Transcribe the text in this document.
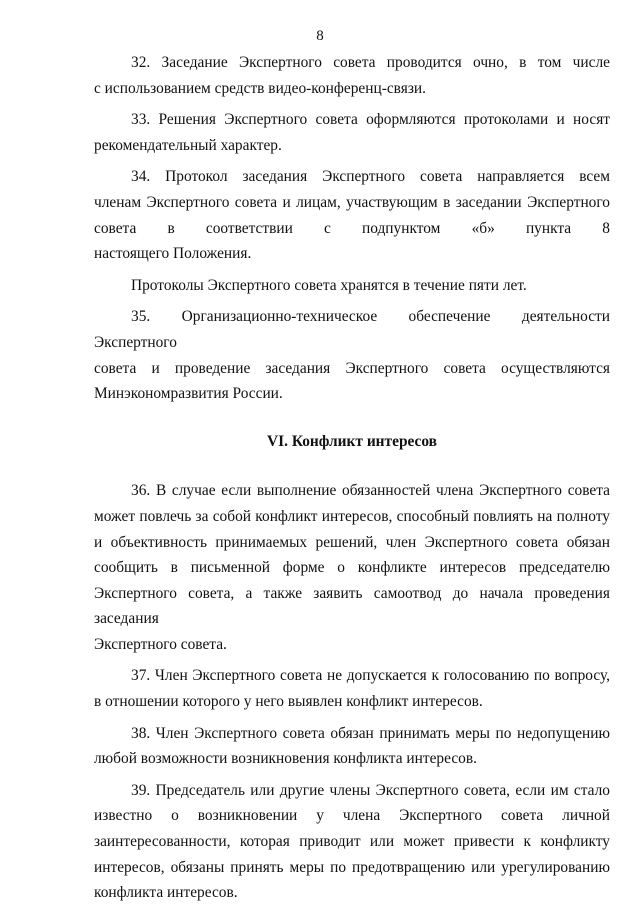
8
32. Заседание Экспертного совета проводится очно, в том числе
с использованием средств видео-конференц-связи.
33. Решения Экспертного совета оформляются протоколами и носят
рекомендательный характер.
34. Протокол заседания Экспертного совета направляется всем
членам Экспертного совета и лицам, участвующим в заседании Экспертного
совета в соответствии с подпунктом «б» пункта 8
настоящего Положения.
Протоколы Экспертного совета хранятся в течение пяти лет.
35. Организационно-техническое обеспечение деятельности Экспертного
совета и проведение заседания Экспертного совета осуществляются
Минэкономразвития России.
VI. Конфликт интересов
36. В случае если выполнение обязанностей члена Экспертного совета
может повлечь за собой конфликт интересов, способный повлиять на полноту
и объективность принимаемых решений, член Экспертного совета обязан
сообщить в письменной форме о конфликте интересов председателю
Экспертного совета, а также заявить самоотвод до начала проведения заседания
Экспертного совета.
37. Член Экспертного совета не допускается к голосованию по вопросу,
в отношении которого у него выявлен конфликт интересов.
38. Член Экспертного совета обязан принимать меры по недопущению
любой возможности возникновения конфликта интересов.
39. Председатель или другие члены Экспертного совета, если им стало
известно о возникновении у члена Экспертного совета личной
заинтересованности, которая приводит или может привести к конфликту
интересов, обязаны принять меры по предотвращению или урегулированию
конфликта интересов.
